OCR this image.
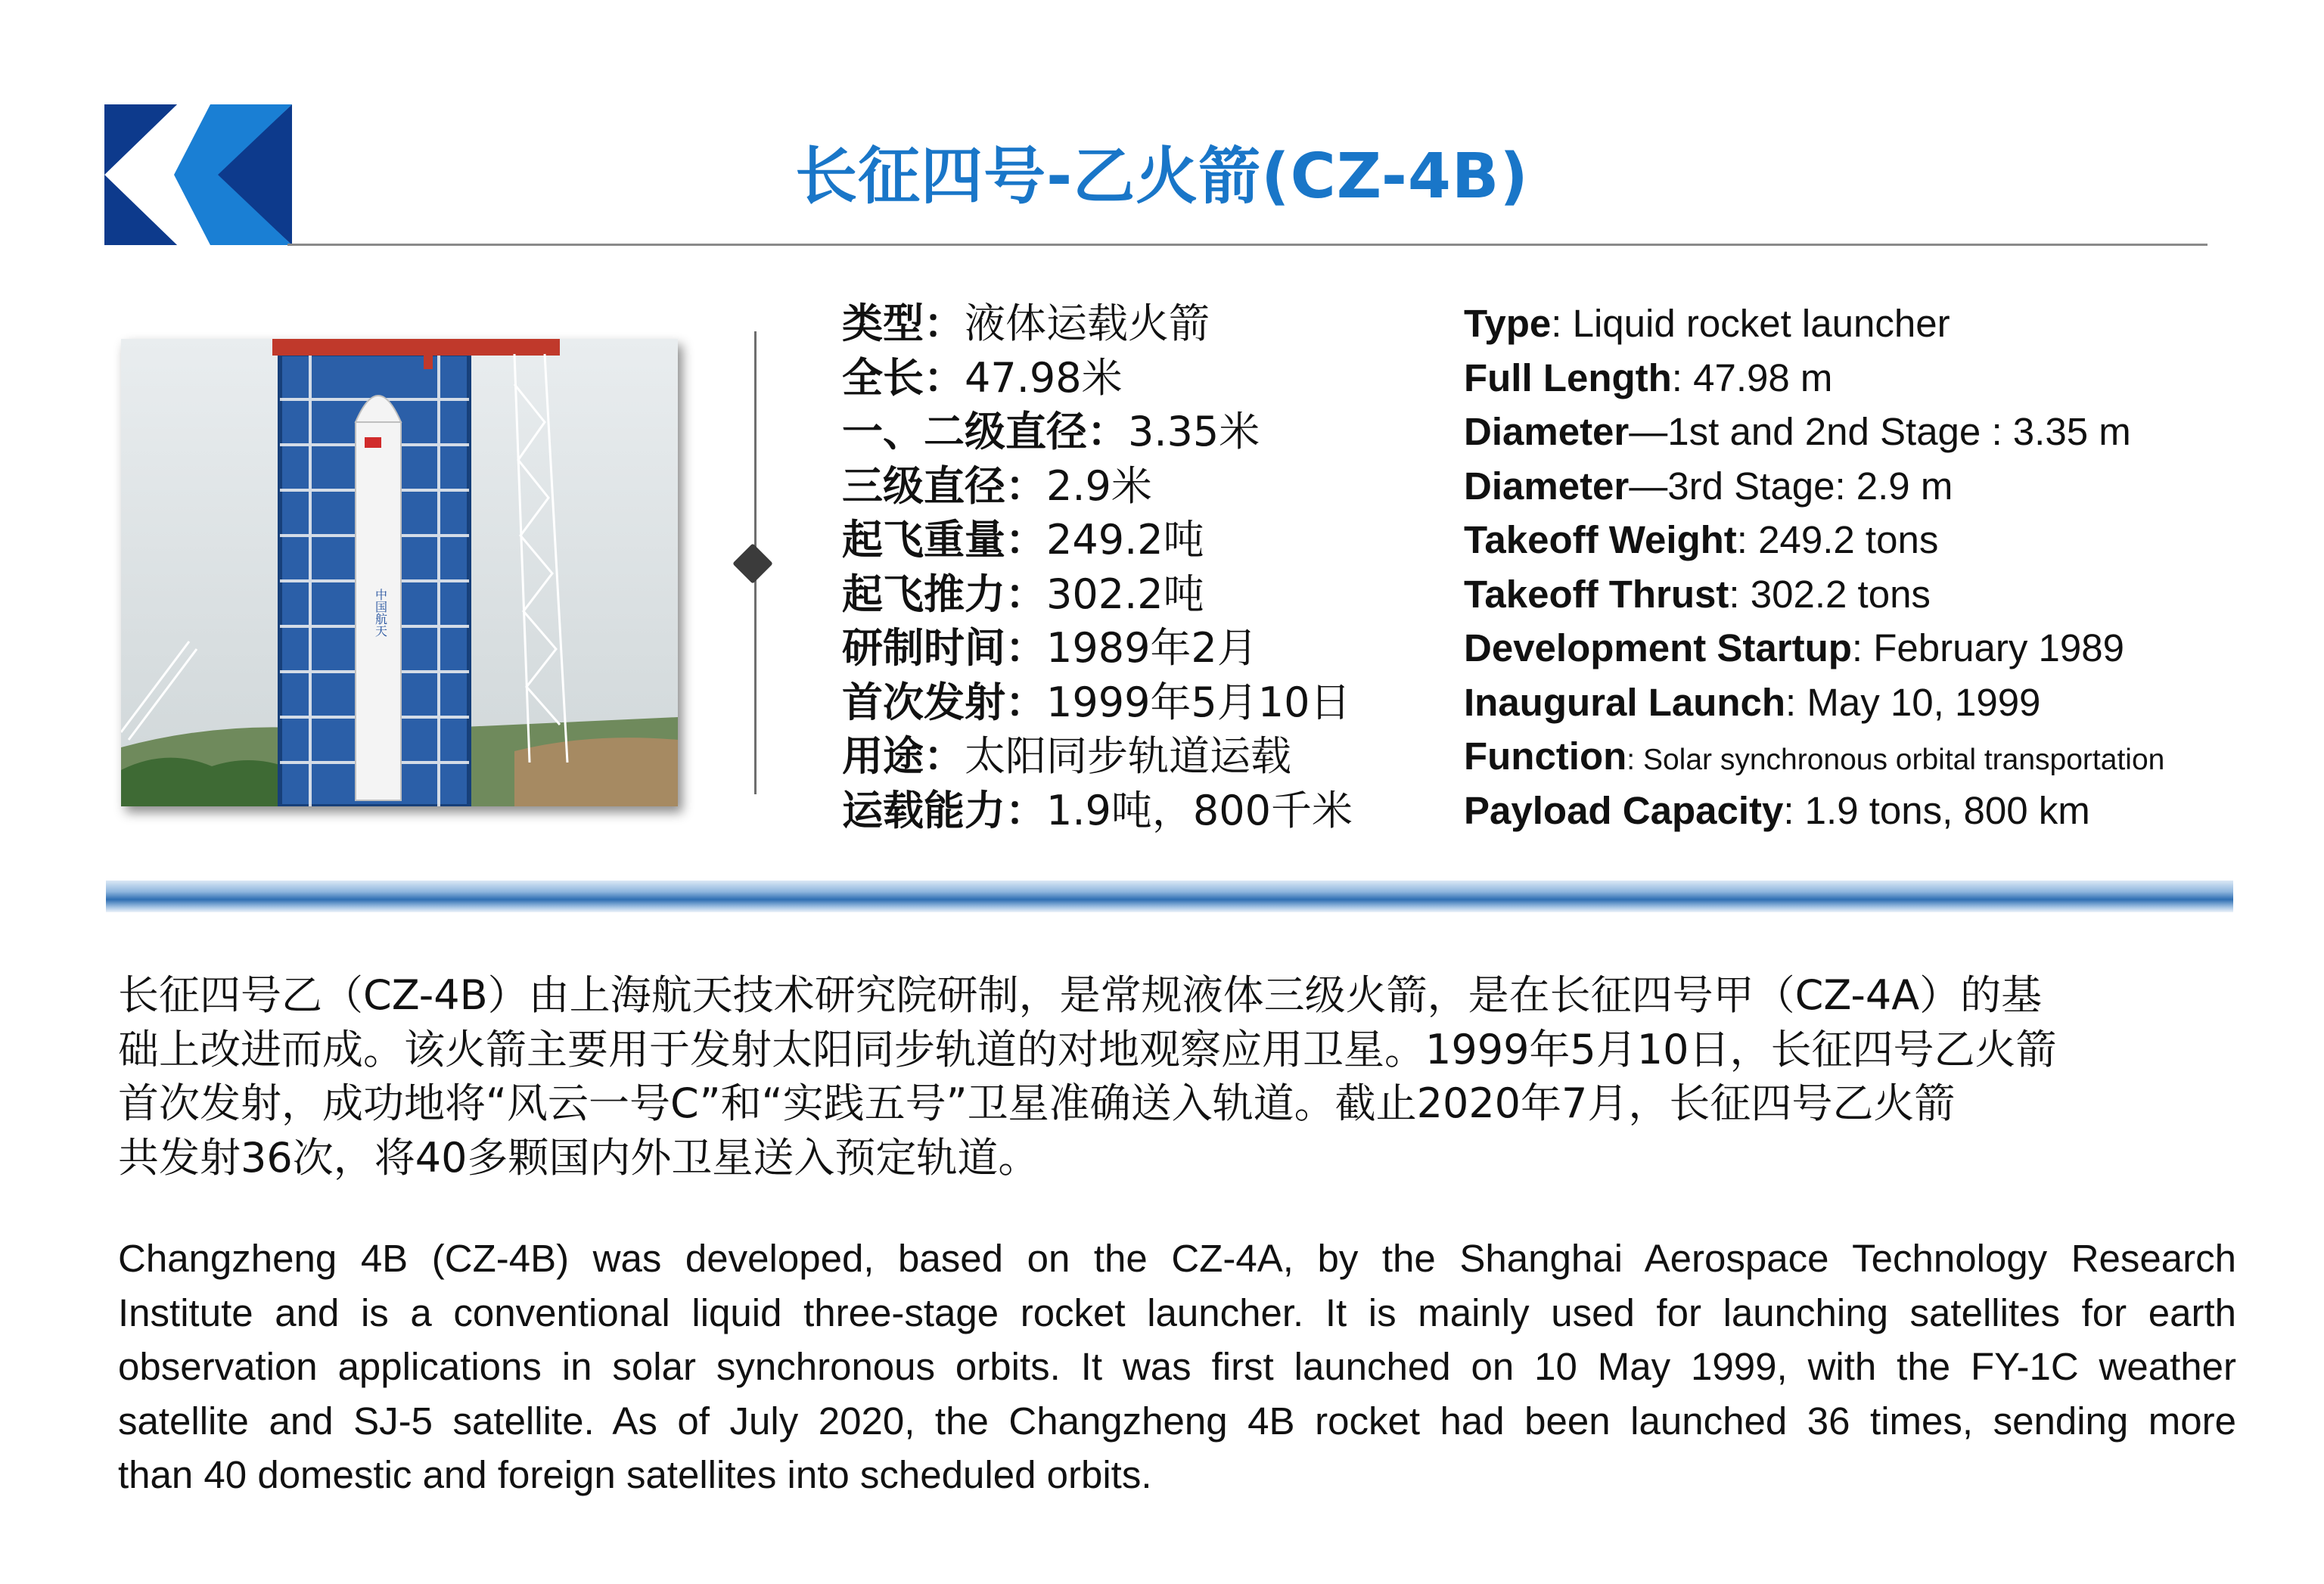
长征四号-乙火箭(CZ-4B)
中国航天
类型：液体运载火箭
全长：47.98米
一、二级直径：3.35米
三级直径：2.9米
起飞重量：249.2吨
起飞推力：302.2吨
研制时间：1989年2月
首次发射：1999年5月10日
用途：太阳同步轨道运载
运载能力：1.9吨，800千米
Type: Liquid rocket launcher
Full Length: 47.98 m
Diameter—1st and 2nd Stage : 3.35 m
Diameter—3rd Stage: 2.9 m
Takeoff Weight: 249.2 tons
Takeoff Thrust: 302.2 tons
Development Startup: February 1989
Inaugural Launch: May 10, 1999
Function: Solar synchronous orbital transportation
Payload Capacity: 1.9 tons, 800 km
长征四号乙（CZ-4B）由上海航天技术研究院研制，是常规液体三级火箭，是在长征四号甲（CZ-4A）的基
础上改进而成。该火箭主要用于发射太阳同步轨道的对地观察应用卫星。1999年5月10日，长征四号乙火箭
首次发射，成功地将“风云一号C”和“实践五号”卫星准确送入轨道。截止2020年7月，长征四号乙火箭
共发射36次，将40多颗国内外卫星送入预定轨道。
Changzheng 4B (CZ-4B) was developed, based on the CZ-4A, by the Shanghai Aerospace Technology Research
Institute and is a conventional liquid three-stage rocket launcher. It is mainly used for launching satellites for earth
observation applications in solar synchronous orbits. It was first launched on 10 May 1999, with the FY-1C weather
satellite and SJ-5 satellite. As of July 2020, the Changzheng 4B rocket had been launched 36 times, sending more
than 40 domestic and foreign satellites into scheduled orbits.
